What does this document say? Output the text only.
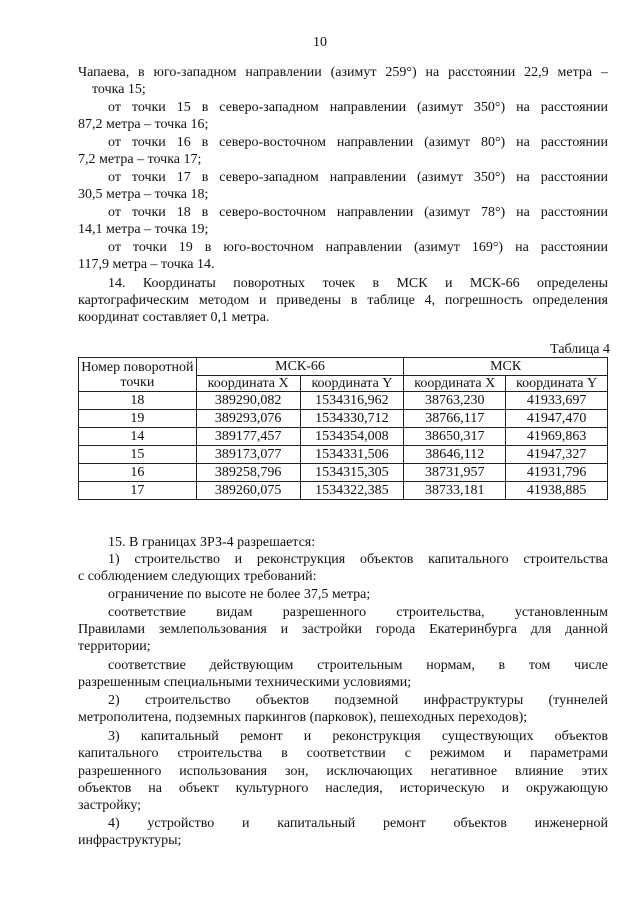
10

Чапаева, в юго-западном направлении (азимут 259°) на расстоянии 22,9 метра –

точка 15;

от точки 15 в северо-западном направлении (азимут 350°) на расстоянии

87,2 метра – точка 16;

от точки 16 в северо-восточном направлении (азимут 80°) на расстоянии

7,2 метра – точка 17;

от точки 17 в северо-западном направлении (азимут 350°) на расстоянии

30,5 метра – точка 18;

от точки 18 в северо-восточном направлении (азимут 78°) на расстоянии

14,1 метра – точка 19;

от точки 19 в юго-восточном направлении (азимут 169°) на расстоянии

117,9 метра – точка 14.

14. Координаты поворотных точек в МСК и МСК-66 определены

картографическим методом и приведены в таблице 4, погрешность определения

координат составляет 0,1 метра.

Таблица 4
Номер поворотной точки	МСК-66		МСК	
	координата X	координата Y	координата X	координата Y
18	389290,082	1534316,962	38763,230	41933,697
19	389293,076	1534330,712	38766,117	41947,470
14	389177,457	1534354,008	38650,317	41969,863
15	389173,077	1534331,506	38646,112	41947,327
16	389258,796	1534315,305	38731,957	41931,796
17	389260,075	1534322,385	38733,181	41938,885

15. В границах ЗРЗ-4 разрешается:

1) строительство и реконструкция объектов капитального строительства

с соблюдением следующих требований:

ограничение по высоте не более 37,5 метра;

соответствие видам разрешенного строительства, установленным

Правилами землепользования и застройки города Екатеринбурга для данной

территории;

соответствие действующим строительным нормам, в том числе

разрешенным специальными техническими условиями;

2) строительство объектов подземной инфраструктуры (туннелей

метрополитена, подземных паркингов (парковок), пешеходных переходов);

3) капитальный ремонт и реконструкция существующих объектов

капитального строительства в соответствии с режимом и параметрами

разрешенного использования зон, исключающих негативное влияние этих

объектов на объект культурного наследия, историческую и окружающую

застройку;

4) устройство и капитальный ремонт объектов инженерной

инфраструктуры;
